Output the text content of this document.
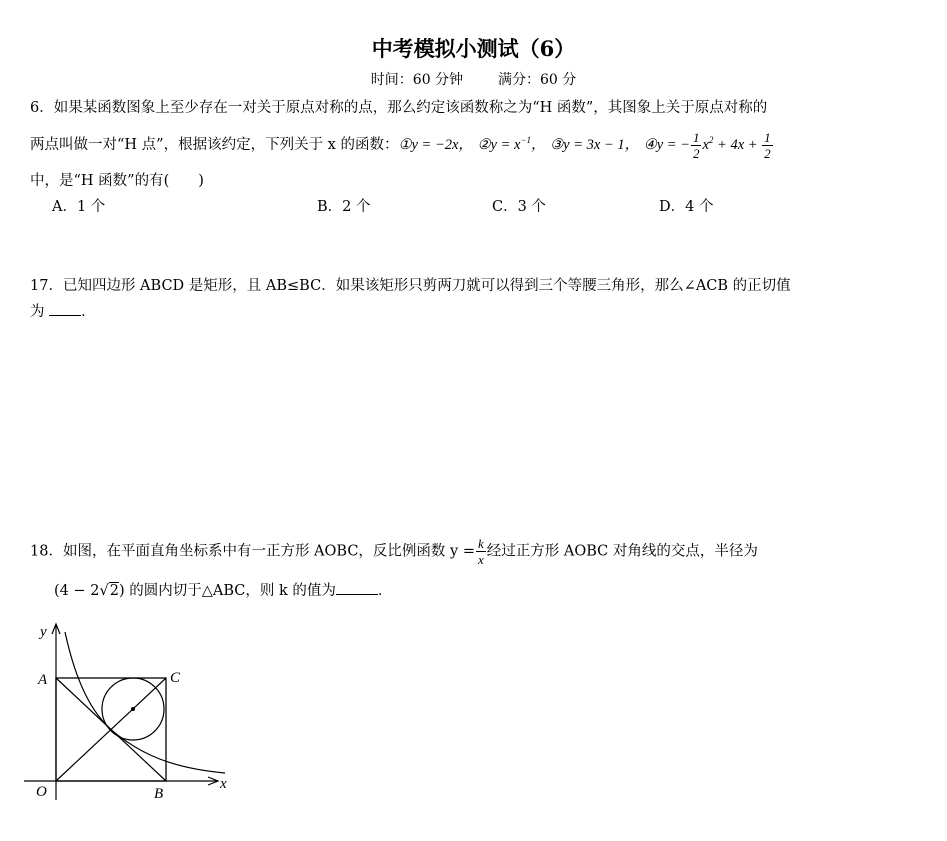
中考模拟小测试（6）
时间：60 分钟 满分：60 分
6．如果某函数图象上至少存在一对关于原点对称的点，那么约定该函数称之为“H 函数”，其图象上关于原点对称的
两点叫做一对“H 点”，根据该约定，下列关于 x 的函数：①y = −2x， ②y = $x^{-1}$， ③y = 3x − 1， ④y = − $\frac{1}{2} x^2 + 4x + \frac{1}{2}$
中，是“H 函数”的有(　　)
A．1 个	B．2 个	C．3 个	D．4 个
17．已知四边形 ABCD 是矩形，且 AB≤BC．如果该矩形只剪两刀就可以得到三个等腰三角形，那么∠ACB 的正切值
为	．
18．如图，在平面直角坐标系中有一正方形 AOBC，反比例函数 $y = \frac{k}{x}$ 经过正方形 AOBC 对角线的交点，半径为
(4 − 2√2) 的圆内切于△ABC，则 k 的值为	．
y
x
A	C
O	B
